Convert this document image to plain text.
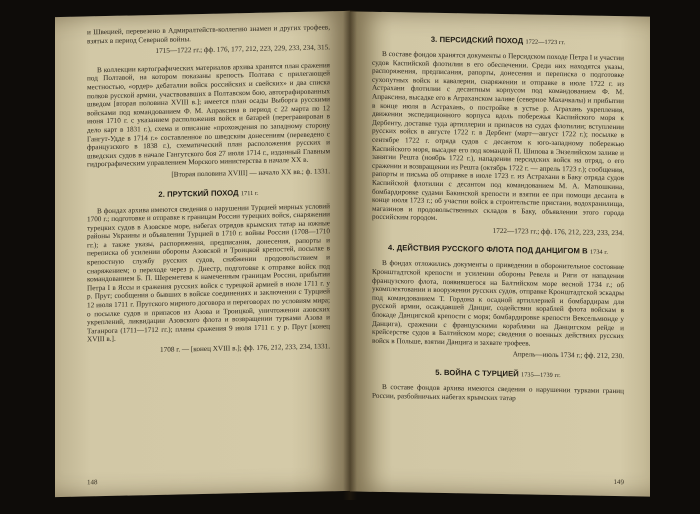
и Швецией, перевезено в Адмиралтейств-коллегию знамен и других трофеев, взятых в период Северной войны.

1715—1722 гг.; фф. 176, 177, 212, 223, 229, 233, 234, 315.

В коллекции картографических материалов архива хранятся план сражения под Полтавой, на котором показаны крепость Полтава с прилегающей местностью, «ордер» дебаталии войск российских и свейских» и два списка полков русской армии, участвовавших в Полтавском бою, автографированных шведом [вторая половина XVIII в.]; имеется план осады Выборга русскими войсками под командованием Ф. М. Апраксина в период с 22 марта по 12 июня 1710 г. с указанием расположения войск и батарей (перегравирован в дело карт в 1831 г.), схема и описание «прохождения по западному сторону Гангут-Удде в 1714 г.» составленное по шведским донесениям (переведено с французского в 1838 г.), схематический план расположения русских и шведских судов в начале Гангутского боя 27 июля 1714 г., изданный Главным гидрографическим управлением Морского министерства в начале XX в.

[Вторая половина XVIII] — начало XX вв.; ф. 1331.

2. ПРУТСКИЙ ПОХОД 1711 г.

В фондах архива имеются сведения о нарушении Турцией мирных условий 1700 г.; подготовке и отправке к границам России турецких войск, снаряжении турецких судов в Азовское море, набегах отрядов крымских татар на южные районы Украины и объявлении Турцией в 1710 г. войны России (1708—1710 гг.); а также указы, распоряжения, предписания, донесения, рапорты и переписка об усилении обороны Азовской и Троицкой крепостей, посылке в крепостную службу русских судов, снабжении продовольствием и снаряжением; о переходе через р. Днестр, подготовке к отправке войск под командованием Б. П. Шереметева к намеченным границам России, прибытии Петра I в Яссы и сражения русских войск с турецкой армией в июле 1711 г. у р. Прут; сообщения о бывших в войске соединениях и заключении с Турцией 12 июля 1711 г. Прутского мирного договора и переговорах по условиям мира; о посылке судов и припасов из Азова и Троицкой, уничтожении азовских укреплений, ликвидации Азовского флота и возвращении турками Азова и Таганрога (1711—1712 гг.); планы сражения 9 июля 1711 г. у р. Прут [конец XVIII в.].

1708 г. — [конец XVIII в.]; фф. 176, 212, 233, 234, 1331.

148
3. ПЕРСИДСКИЙ ПОХОД 1722—1723 гг.

В составе фондов хранятся документы о Персидском походе Петра I и участии судов Каспийской флотилии в его обеспечении. Среди них находятся указы, распоряжения, предписания, рапорты, донесения и переписка о подготовке сухопутных войск и кавалерии, снаряжении и отправке в июле 1722 г. из Астрахани флотилии с десантным корпусом под командованием Ф. М. Апраксина, высадке его в Аграханском заливе (северное Махачкалы) и прибытии в конце июля в Астрахань, о постройке в устье р. Аграхань укрепления, движении экспедиционного корпуса вдоль побережья Каспийского моря к Дербенту, доставке туда артиллерии и припасов на судах флотилии; вступлении русских войск в августе 1722 г. в Дербент (март—август 1722 г.); посылке в сентябре 1722 г. отряда судов с десантом к юго-западному побережью Каспийского моря, высадке его под командой П. Шипова в Энзелийском заливе и занятии Решта (ноябрь 1722 г.), нападении персидских войск на отряд, о его сражении и возвращении из Решта (октябрь 1722 г. — апрель 1723 г.); сообщения, рапорты и письма об отправке в июле 1723 г. из Астрахани в Баку отряда судов Каспийской флотилии с десантом под командованием М. А. Матюшкина, бомбардировке судами Бакинской крепости и взятии ее при помощи десанта в конце июля 1723 г.; об участии войск в строительстве пристани, водохранилища, магазинов и продовольственных складов в Баку, объявлении этого города российским городом.

1722—1723 гг.; фф. 176, 212, 223, 233, 234.

4. ДЕЙСТВИЯ РУССКОГО ФЛОТА ПОД ДАНЦИГОМ В 1734 г.

В фондах отложились документы о приведении в оборонительное состояние Кронштадтской крепости и усилении обороны Ревеля и Риги от нападения французского флота, появившегося на Балтийском море весной 1734 г.; об укомплектовании и вооружении русских судов, отправке Кронштадтской эскадры под командованием Т. Гордона к осадной артиллерией и бомбардирам для русской армии, осаждавшей Данциг, содействии кораблей флота войскам в блокаде Данцигской крепости с моря; бомбардировке крепости Вексельмюнде у Данцига), сражении с французскими кораблями на Данцигском рейде и крейсерстве судов в Балтийском море; сведения о военных действиях русских войск в Польше, взятии Данцига и захвате трофеев.

Апрель—июль 1734 г.; фф. 212, 230.

5. ВОЙНА С ТУРЦИЕЙ 1735—1739 гг.

В составе фондов архива имеются сведения о нарушении турками границ России, разбойничьих набегах крымских татар

149
